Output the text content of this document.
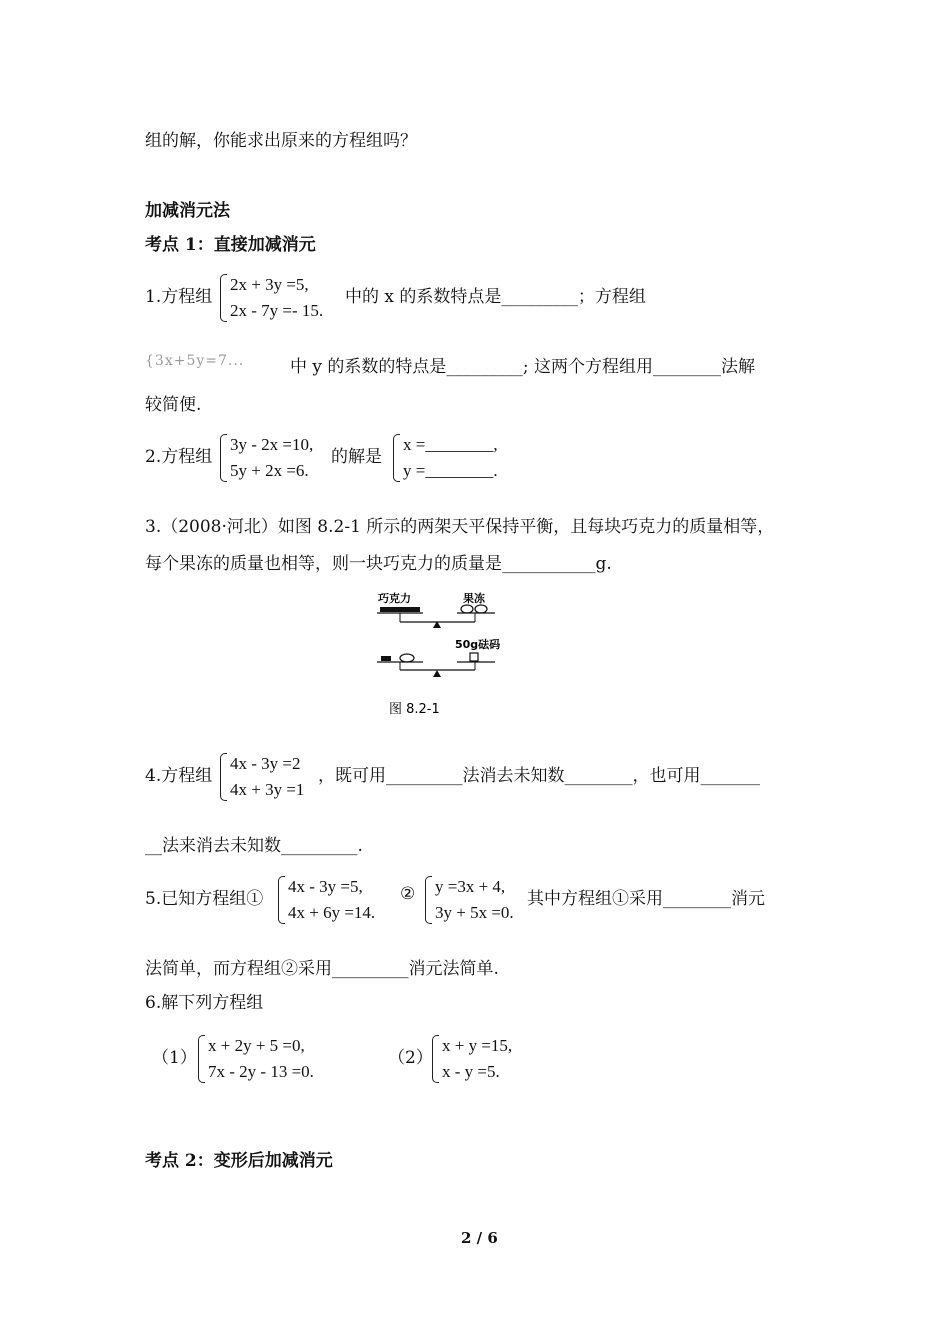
组的解，你能求出原来的方程组吗？
加减消元法
考点 1：直接加减消元
1.方程组
2x + 3y =5,
2x - 7y =- 15.
中的 x 的系数特点是_________；方程组
{3x+5y=7...	中 y 的系数的特点是_________; 这两个方程组用________法解
较简便.
2.方程组
3y - 2x =10,
5y + 2x =6.
的解是
x =________,
y =________.
3.（2008·河北）如图 8.2-1 所示的两架天平保持平衡，且每块巧克力的质量相等，
每个果冻的质量也相等，则一块巧克力的质量是___________g.
巧克力	果冻
50g砝码
图 8.2-1
4.方程组
4x - 3y =2
4x + 3y =1
，既可用_________法消去未知数________，也可用_______
__法来消去未知数_________.
5.已知方程组①
4x - 3y =5,
4x + 6y =14.
② y =3x + 4,
3y + 5x =0.
其中方程组①采用________消元
法简单，而方程组②采用_________消元法简单.
6.解下列方程组
（1）
x + 2y + 5 =0,
7x - 2y - 13 =0.
（2）
x + y =15,
x - y =5.
考点 2：变形后加减消元
2 / 6
